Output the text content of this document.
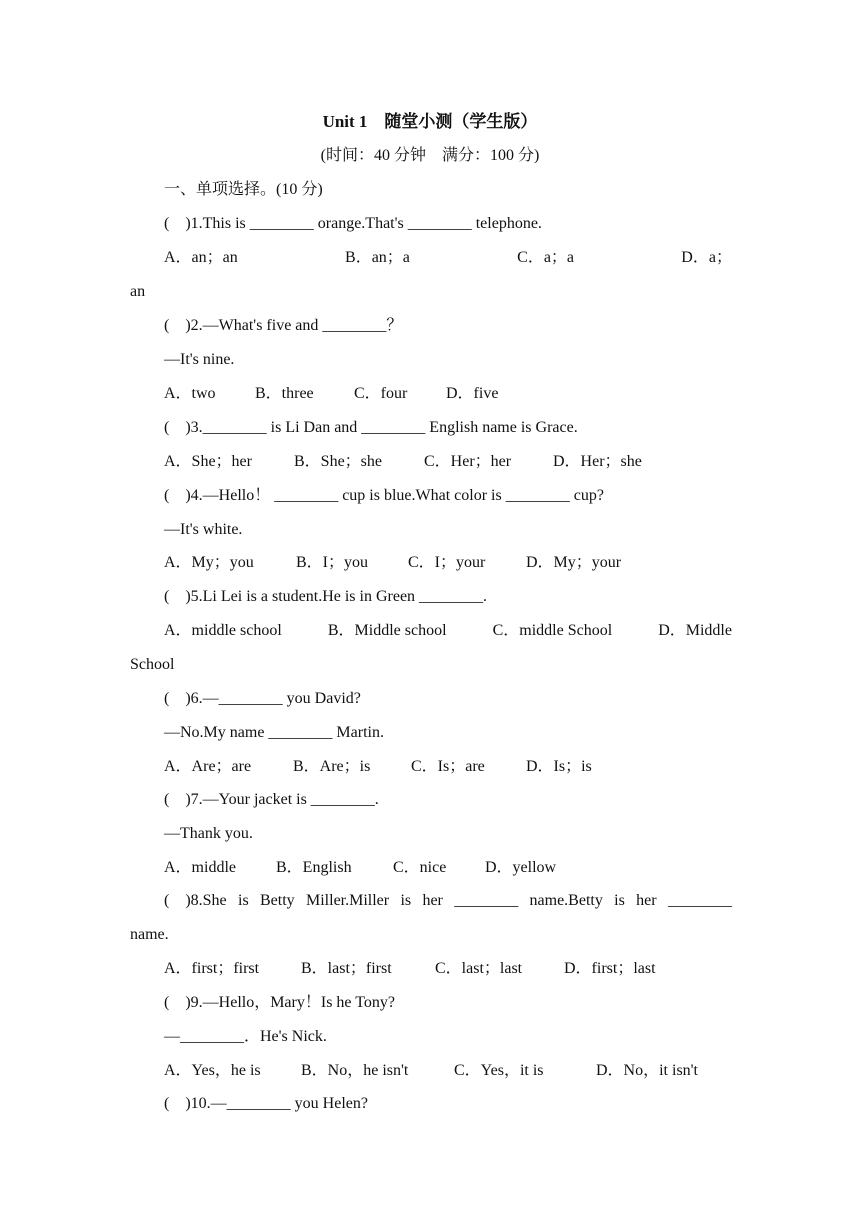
Unit 1　随堂小测（学生版）
(时间：40 分钟　满分：100 分)
一、单项选择。(10 分)
(　)1.This is ________ orange.That's ________ telephone.
A．an；an	B．an；a	C．a；a	D．a；
an
(　)2.—What's five and ________？
—It's nine.
A．two	B．three	C．four	D．five
(　)3.________ is Li Dan and ________ English name is Grace.
A．She；her	B．She；she	C．Her；her	D．Her；she
(　)4.—Hello！ ________ cup is blue.What color is ________ cup?
—It's white.
A．My；you	B．I；you	C．I；your	D．My；your
(　)5.Li Lei is a student.He is in Green ________.
A．middle school	B．Middle school	C．middle School	D．Middle
School
(　)6.—________ you David?
—No.My name ________ Martin.
A．Are；are	B．Are；is	C．Is；are	D．Is；is
(　)7.—Your jacket is ________.
—Thank you.
A．middle	B．English	C．nice	D．yellow
(　)8.She is Betty Miller.Miller is her ________ name.Betty is her ________
name.
A．first；first	B．last；first	C．last；last	D．first；last
(　)9.—Hello，Mary！Is he Tony?
—________．He's Nick.
A．Yes，he is	B．No，he isn't	C．Yes，it is	D．No，it isn't
(　)10.—________ you Helen?
